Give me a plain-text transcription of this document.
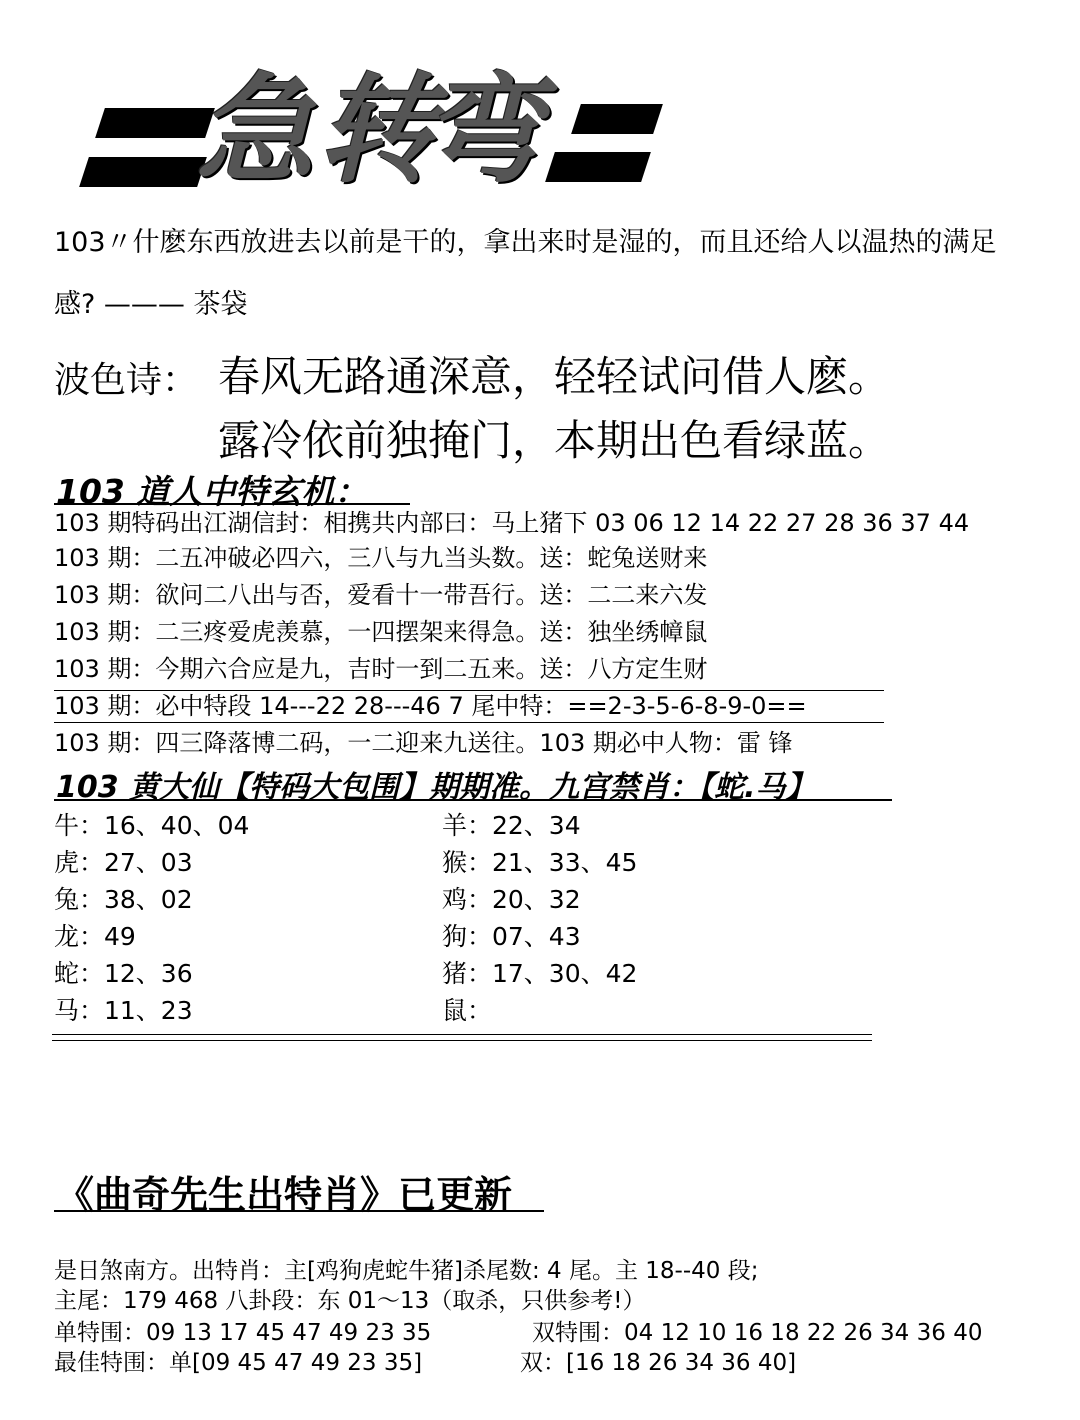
急 转
弯
103〃什麽东西放进去以前是干的，拿出来时是湿的，而且还给人以温热的满足
感? ——— 茶袋
波色诗： 春风无路通深意，轻轻试问借人麽。
露冷依前独掩门，本期出色看绿蓝。
103 道人中特玄机：
103 期特码出江湖信封：相携共内部曰：马上猪下 03 06 12 14 22 27 28 36 37 44
103 期：二五冲破必四六，三八与九当头数。送：蛇兔送财来
103 期：欲问二八出与否，爱看十一带吾行。送：二二来六发
103 期：二三疼爱虎羡慕，一四摆架来得急。送：独坐绣幛鼠
103 期：今期六合应是九，吉时一到二五来。送：八方定生财
103 期：必中特段 14---22 28---46 7 尾中特：==2-3-5-6-8-9-0==
103 期：四三降落博二码，一二迎来九送往。103 期必中人物：雷 锋
103 黄大仙【特码大包围】期期准。九宫禁肖：【蛇.马】
牛：16、40、04
虎：27、03
兔：38、02
龙：49
蛇：12、36
马：11、23
羊：22、34
猴：21、33、45
鸡：20、32
狗：07、43
猪：17、30、42
鼠：
《曲奇先生出特肖》已更新
是日煞南方。出特肖：主[鸡狗虎蛇牛猪]杀尾数: 4 尾。主 18--40 段;
主尾：179 468 八卦段：东 01～13（取杀，只供参考!）
单特围：09 13 17 45 47 49 23 35	双特围：04 12 10 16 18 22 26 34 36 40
最佳特围：单[09 45 47 49 23 35]	双：[16 18 26 34 36 40]
